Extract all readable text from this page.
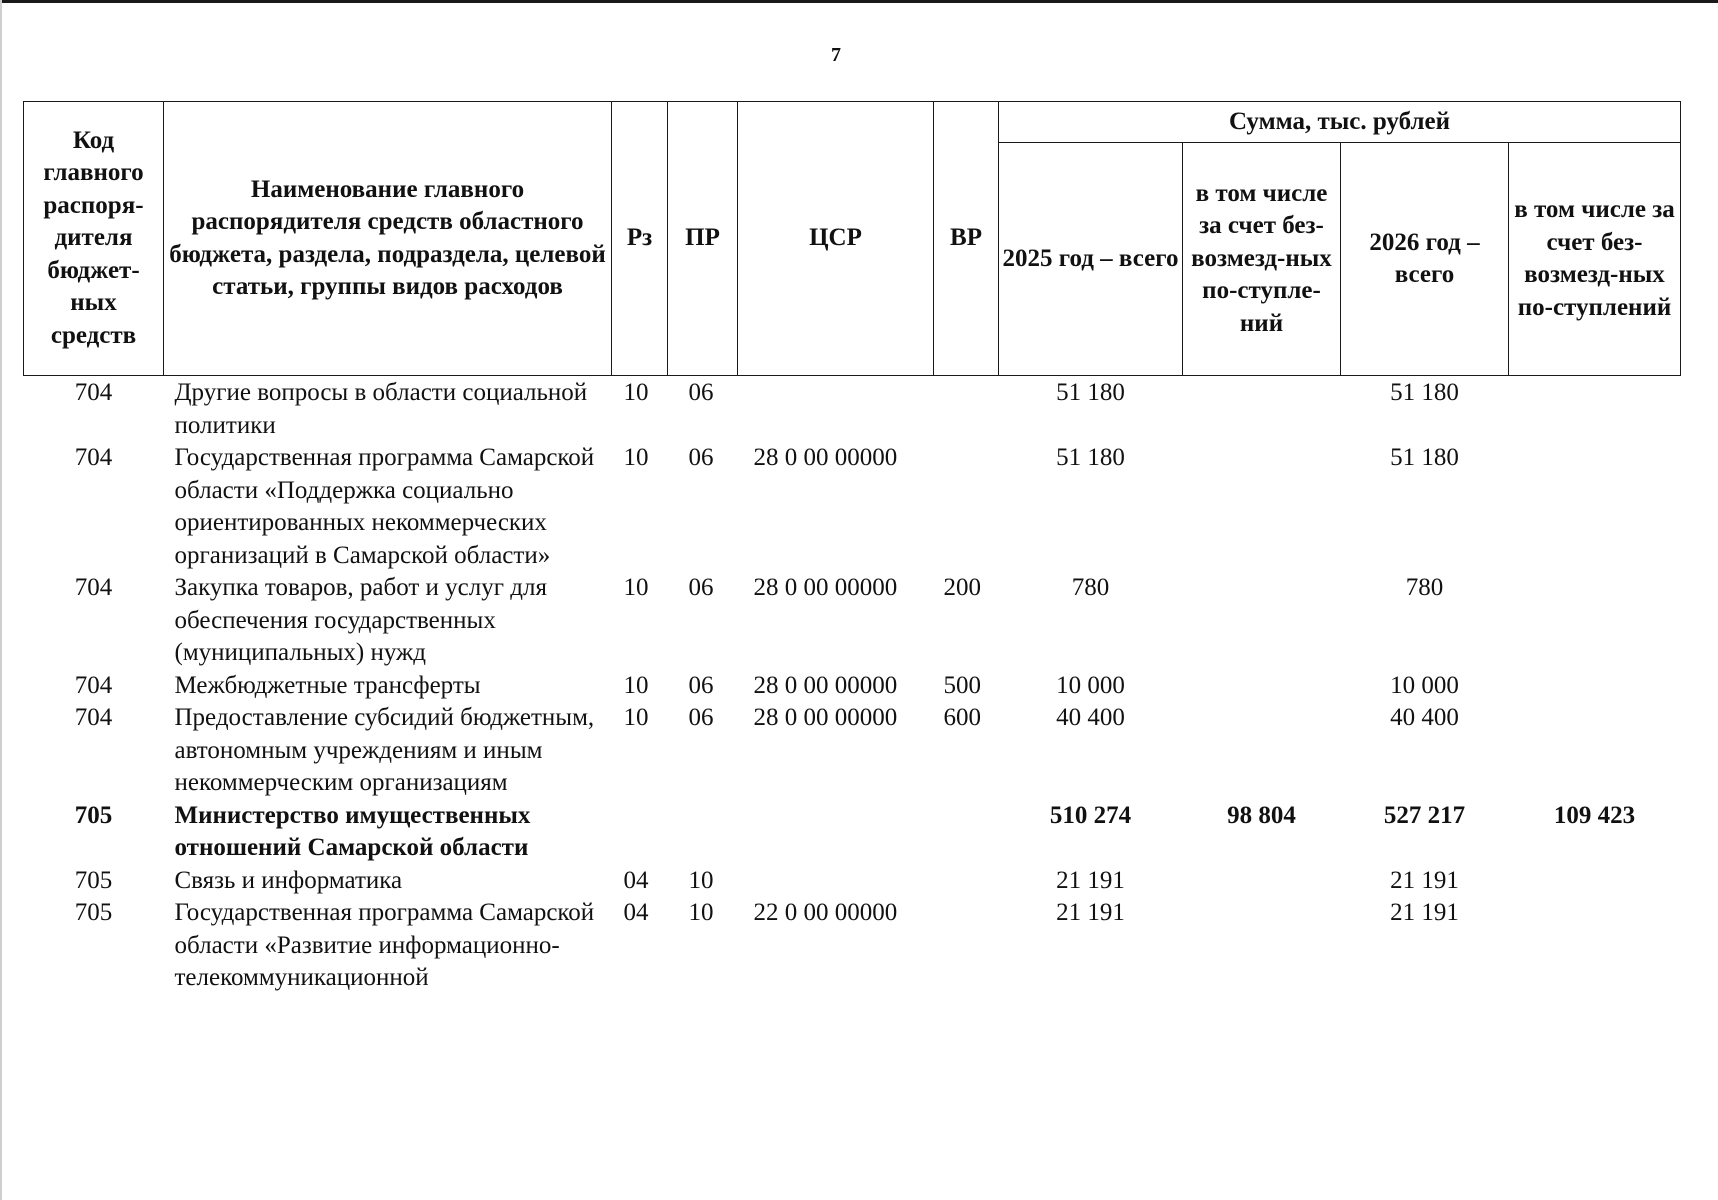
7
Код главного распоря-дителя бюджет-ных средств	Наименование главного распорядителя средств областного бюджета, раздела, подраздела, целевой статьи, группы видов расходов	Рз	ПР	ЦСР	ВР	Сумма, тыс. рублей			
						2025 год – всего	в том числе за счет без-возмезд-ных по-ступле-ний	2026 год – всего	в том числе за счет без-возмезд-ных по-ступлений
704	Другие вопросы в области социальной политики	10	06			51 180		51 180	
704	Государственная программа Самарской области «Поддержка социально ориентированных некоммерческих организаций в Самарской области»	10	06	28 0 00 00000		51 180		51 180	
704	Закупка товаров, работ и услуг для обеспечения государственных (муниципальных) нужд	10	06	28 0 00 00000	200	780		780	
704	Межбюджетные трансферты	10	06	28 0 00 00000	500	10 000		10 000	
704	Предоставление субсидий бюджетным, автономным учреждениям и иным некоммерческим организациям	10	06	28 0 00 00000	600	40 400		40 400	
705	Министерство имущественных отношений Самарской области					510 274	98 804	527 217	109 423
705	Связь и информатика	04	10			21 191		21 191	
705	Государственная программа Самарской области «Развитие информационно-телекоммуникационной	04	10	22 0 00 00000		21 191		21 191	
